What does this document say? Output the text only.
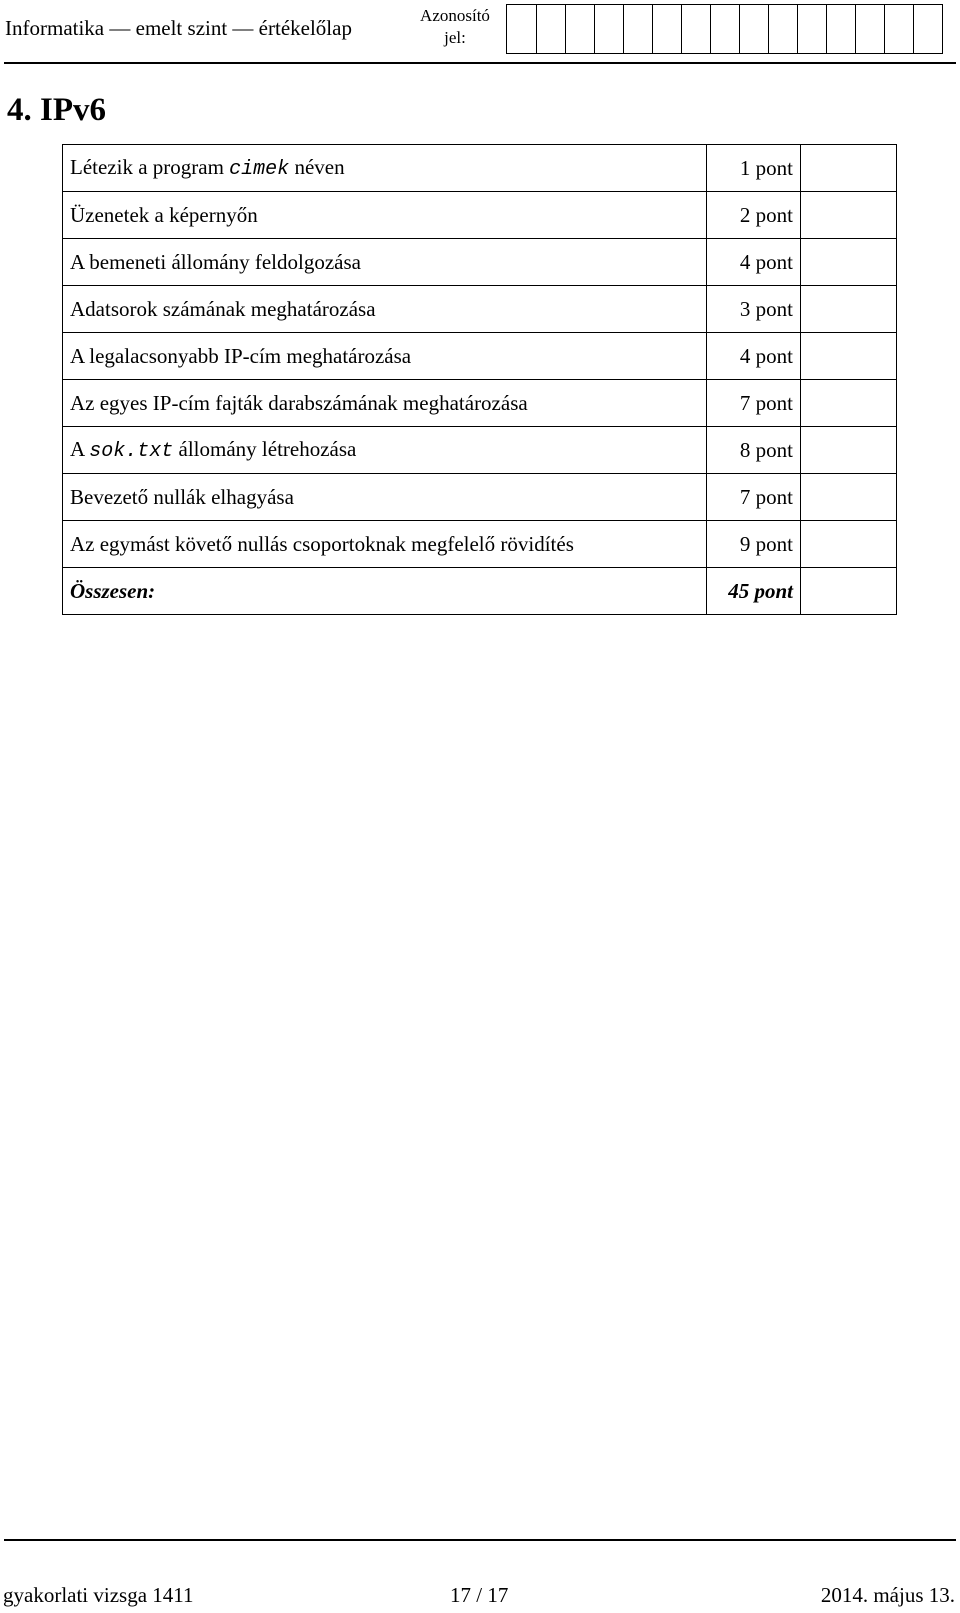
Informatika — emelt szint — értékelőlap
Azonosító
jel:
4. IPv6
Létezik a program cimek néven	1 pont	
Üzenetek a képernyőn	2 pont	
A bemeneti állomány feldolgozása	4 pont	
Adatsorok számának meghatározása	3 pont	
A legalacsonyabb IP-cím meghatározása	4 pont	
Az egyes IP-cím fajták darabszámának meghatározása	7 pont	
A sok.txt állomány létrehozása	8 pont	
Bevezető nullák elhagyása	7 pont	
Az egymást követő nullás csoportoknak megfelelő rövidítés	9 pont	
Összesen:	45 pont	
gyakorlati vizsga 1411	17 / 17	2014. május 13.
